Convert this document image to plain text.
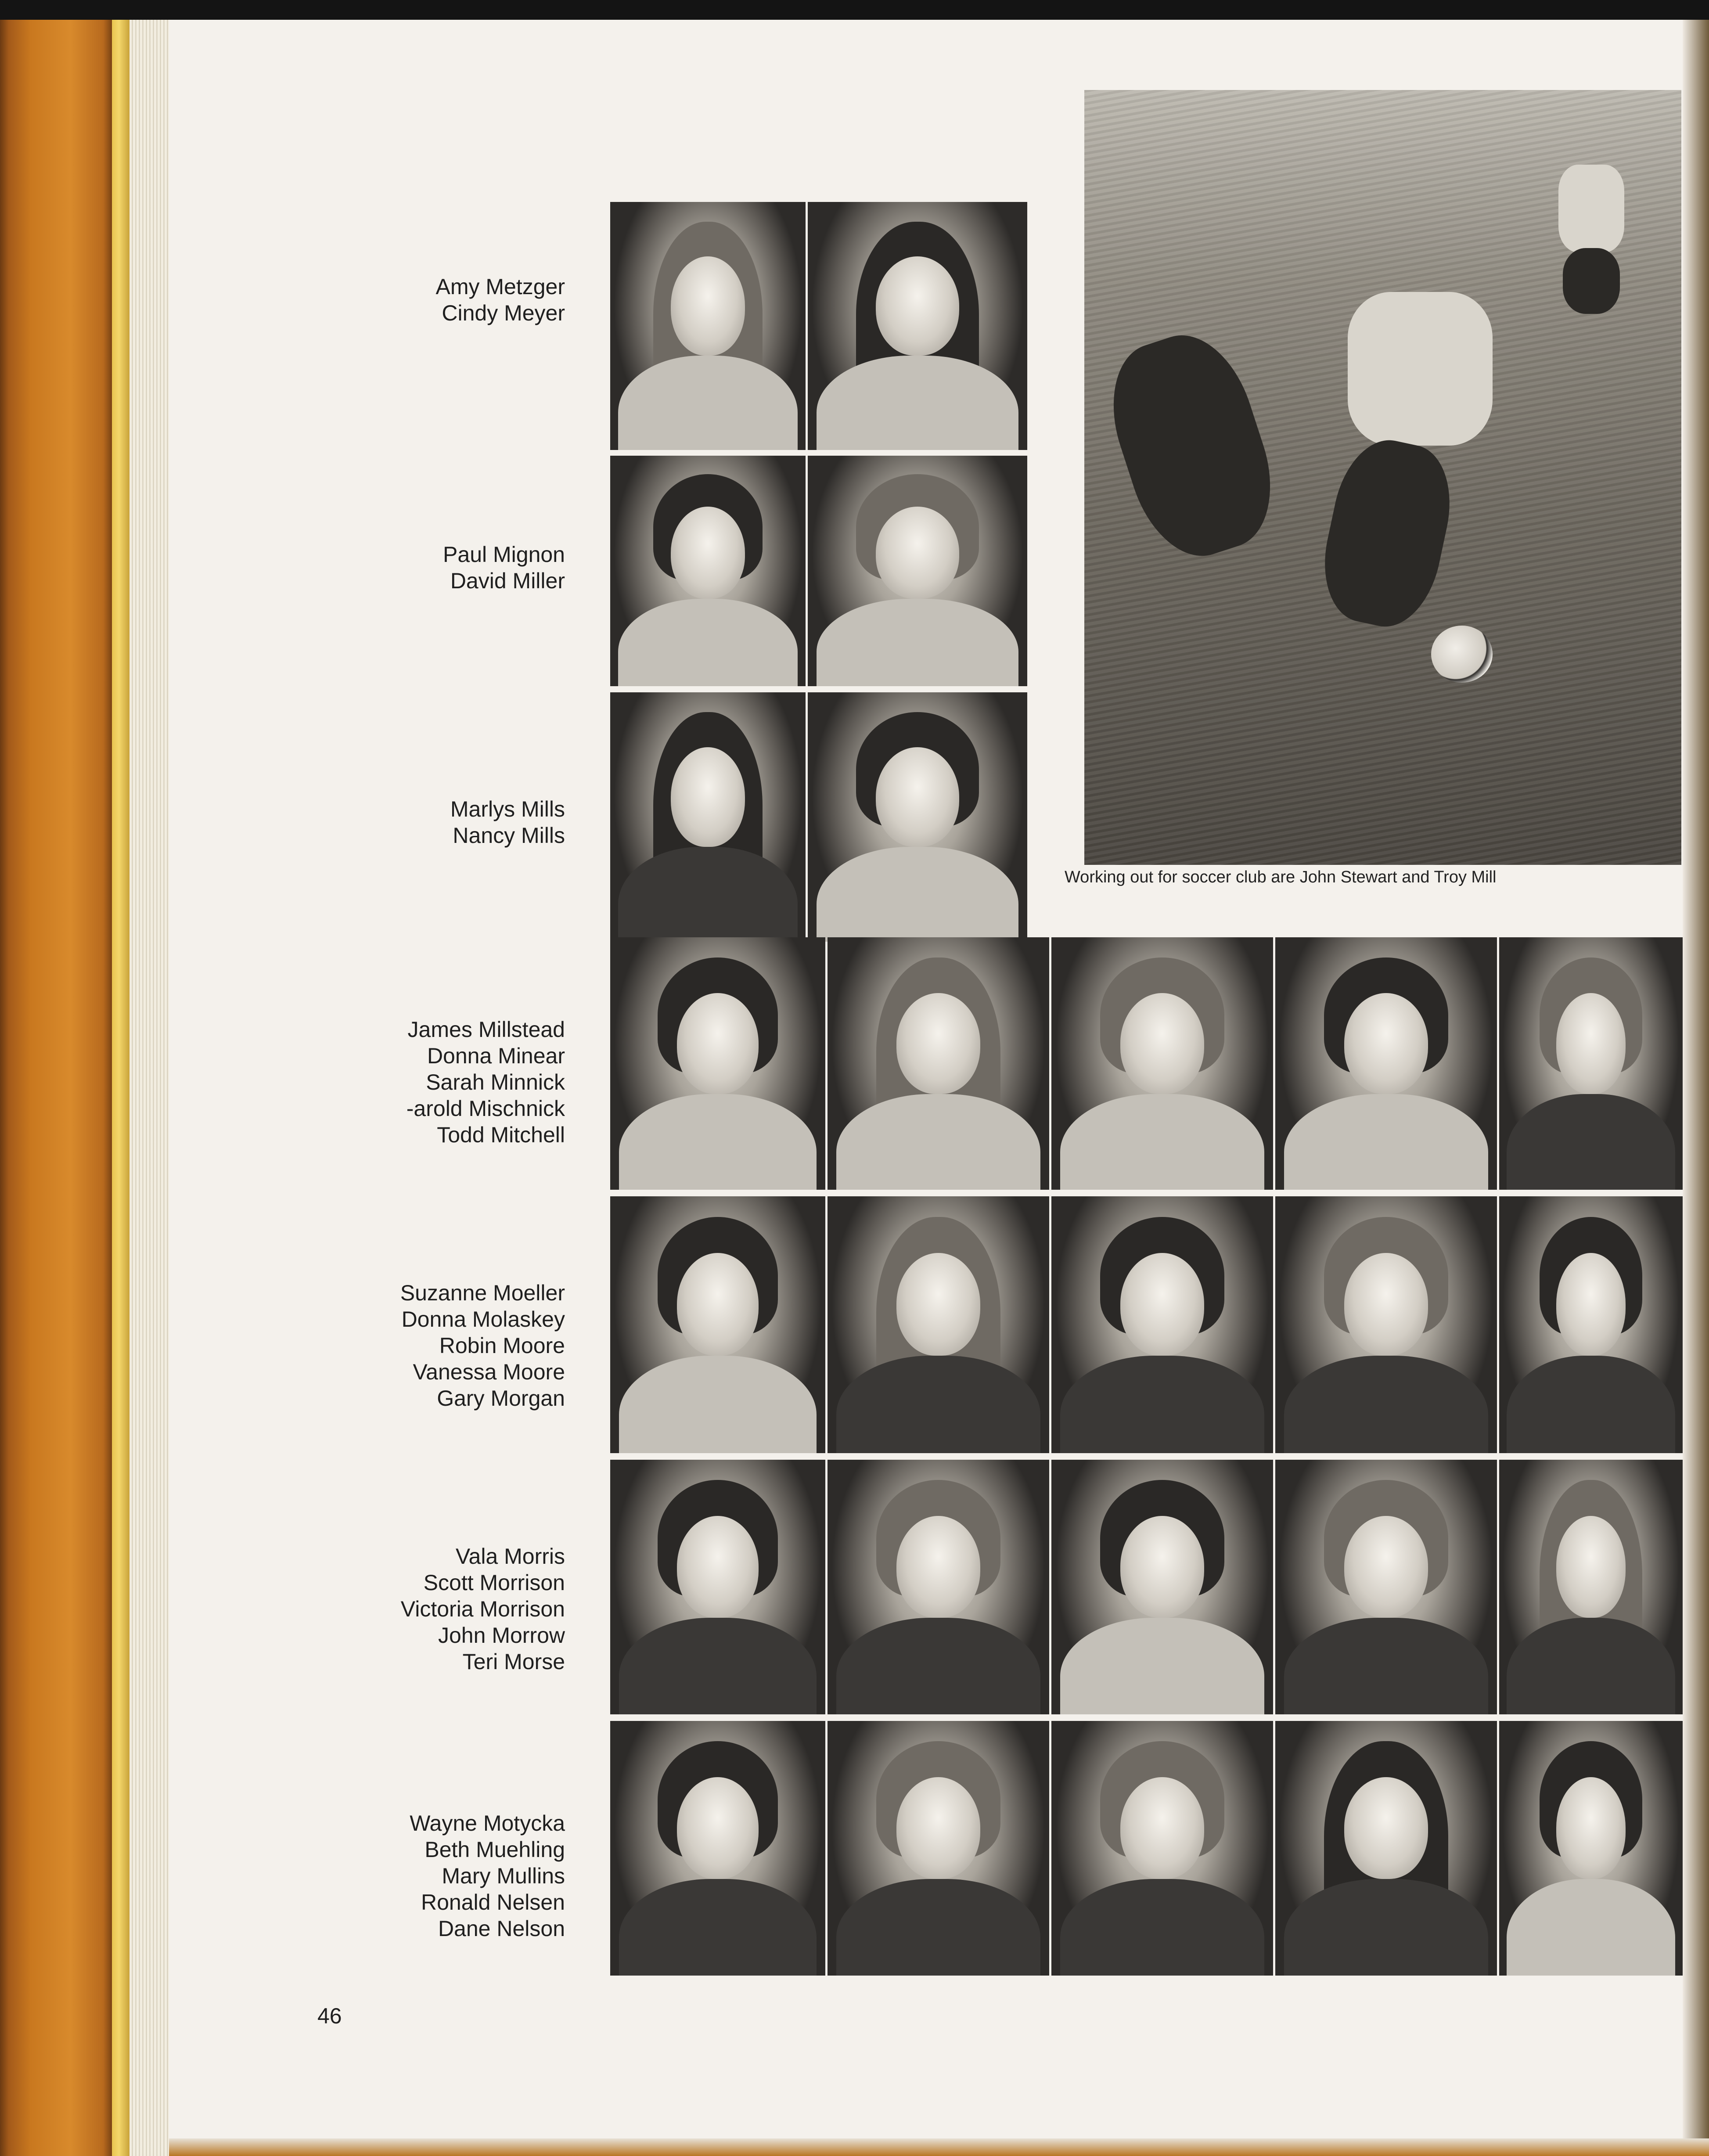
Amy Metzger
Cindy Meyer
Paul Mignon
David Miller
Marlys Mills
Nancy Mills
James Millstead
Donna Minear
Sarah Minnick
‐arold Mischnick
Todd Mitchell
Suzanne Moeller
Donna Molaskey
Robin Moore
Vanessa Moore
Gary Morgan
Vala Morris
Scott Morrison
Victoria Morrison
John Morrow
Teri Morse
Wayne Motycka
Beth Muehling
Mary Mullins
Ronald Nelsen
Dane Nelson
Working out for soccer club are John Stewart and Troy Mill
46
